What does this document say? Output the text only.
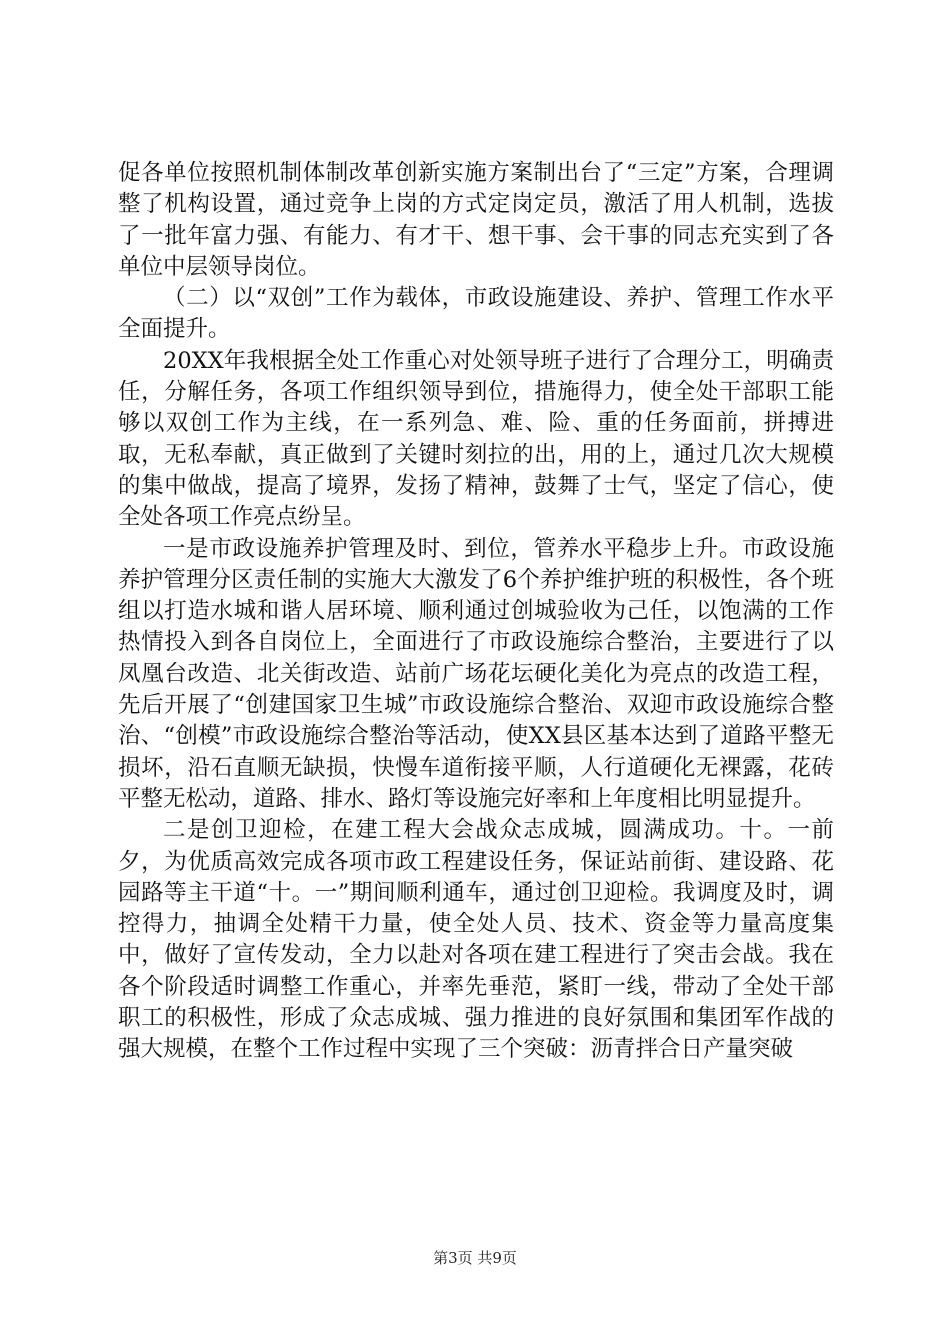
促各单位按照机制体制改革创新实施方案制出台了“三定”方案，合理调整了机构设置，通过竞争上岗的方式定岗定员，激活了用人机制，选拔了一批年富力强、有能力、有才干、想干事、会干事的同志充实到了各单位中层领导岗位。

（二）以“双创”工作为载体，市政设施建设、养护、管理工作水平全面提升。

20XX年我根据全处工作重心对处领导班子进行了合理分工，明确责任，分解任务，各项工作组织领导到位，措施得力，使全处干部职工能够以双创工作为主线，在一系列急、难、险、重的任务面前，拼搏进取，无私奉献，真正做到了关键时刻拉的出，用的上，通过几次大规模的集中做战，提高了境界，发扬了精神，鼓舞了士气，坚定了信心，使全处各项工作亮点纷呈。

一是市政设施养护管理及时、到位，管养水平稳步上升。市政设施养护管理分区责任制的实施大大激发了6个养护维护班的积极性，各个班组以打造水城和谐人居环境、顺利通过创城验收为己任，以饱满的工作热情投入到各自岗位上，全面进行了市政设施综合整治，主要进行了以凤凰台改造、北关街改造、站前广场花坛硬化美化为亮点的改造工程，先后开展了“创建国家卫生城”市政设施综合整治、双迎市政设施综合整治、“创模”市政设施综合整治等活动，使XX县区基本达到了道路平整无损坏，沿石直顺无缺损，快慢车道衔接平顺，人行道硬化无裸露，花砖平整无松动，道路、排水、路灯等设施完好率和上年度相比明显提升。

二是创卫迎检，在建工程大会战众志成城，圆满成功。十。一前夕，为优质高效完成各项市政工程建设任务，保证站前街、建设路、花园路等主干道“十。一”期间顺利通车，通过创卫迎检。我调度及时，调控得力，抽调全处精干力量，使全处人员、技术、资金等力量高度集中，做好了宣传发动，全力以赴对各项在建工程进行了突击会战。我在各个阶段适时调整工作重心，并率先垂范，紧盯一线，带动了全处干部职工的积极性，形成了众志成城、强力推进的良好氛围和集团军作战的强大规模，在整个工作过程中实现了三个突破：沥青拌合日产量突破

第3页 共9页
